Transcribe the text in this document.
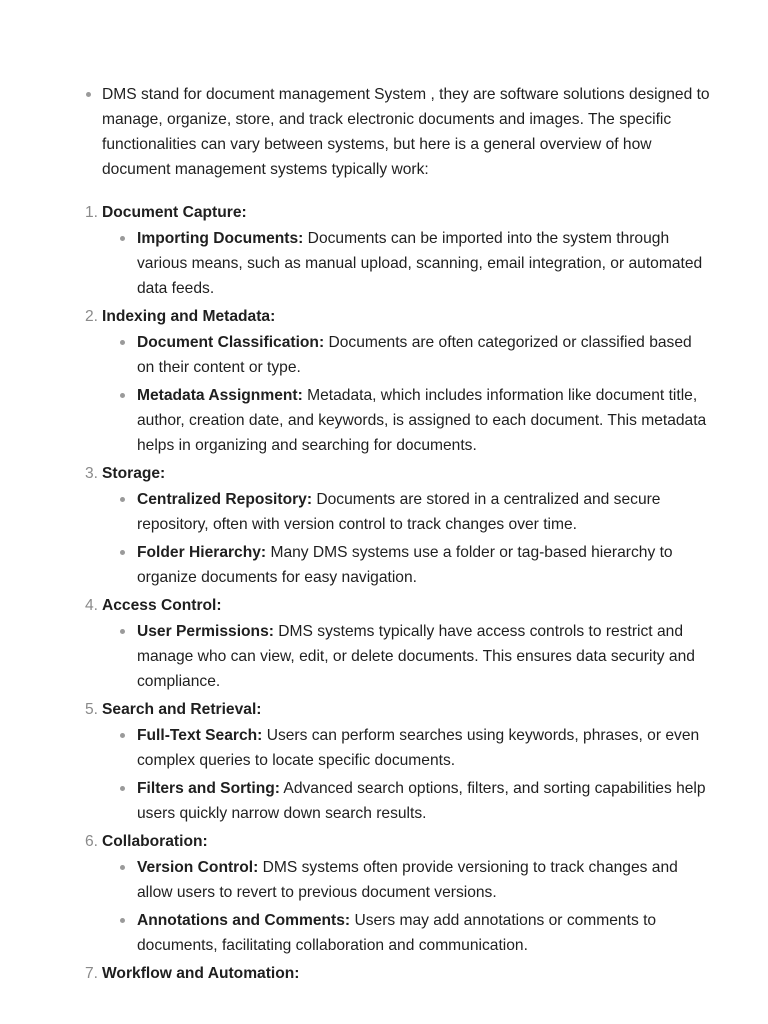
DMS stand for document management System , they are software solutions designed to manage, organize, store, and track electronic documents and images. The specific functionalities can vary between systems, but here is a general overview of how document management systems typically work:
1. Document Capture:
Importing Documents: Documents can be imported into the system through various means, such as manual upload, scanning, email integration, or automated data feeds.
2. Indexing and Metadata:
Document Classification: Documents are often categorized or classified based on their content or type.
Metadata Assignment: Metadata, which includes information like document title, author, creation date, and keywords, is assigned to each document. This metadata helps in organizing and searching for documents.
3. Storage:
Centralized Repository: Documents are stored in a centralized and secure repository, often with version control to track changes over time.
Folder Hierarchy: Many DMS systems use a folder or tag-based hierarchy to organize documents for easy navigation.
4. Access Control:
User Permissions: DMS systems typically have access controls to restrict and manage who can view, edit, or delete documents. This ensures data security and compliance.
5. Search and Retrieval:
Full-Text Search: Users can perform searches using keywords, phrases, or even complex queries to locate specific documents.
Filters and Sorting: Advanced search options, filters, and sorting capabilities help users quickly narrow down search results.
6. Collaboration:
Version Control: DMS systems often provide versioning to track changes and allow users to revert to previous document versions.
Annotations and Comments: Users may add annotations or comments to documents, facilitating collaboration and communication.
7. Workflow and Automation:
